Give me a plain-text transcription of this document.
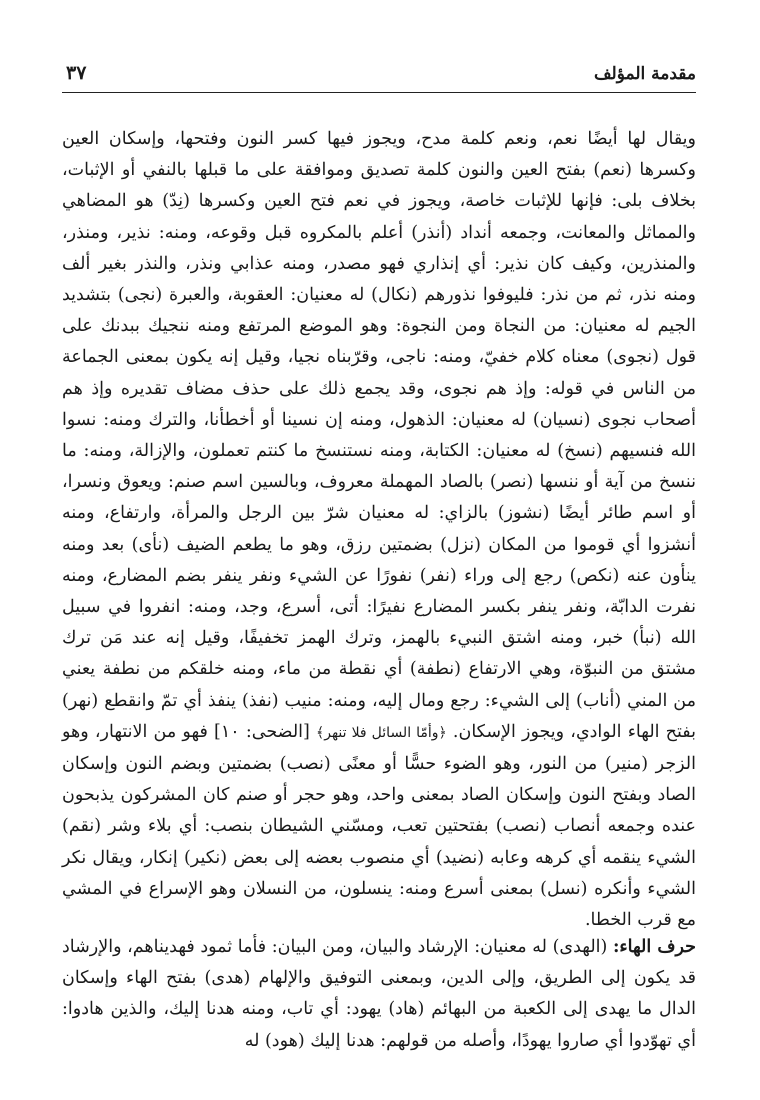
مقدمة المؤلف
٣٧

ويقال لها أيضًا نعم، ونعم كلمة مدح، ويجوز فيها كسر النون وفتحها، وإسكان العين وكسرها (نعم) بفتح العين والنون كلمة تصديق وموافقة على ما قبلها بالنفي أو الإثبات، بخلاف بلى: فإنها للإثبات خاصة، ويجوز في نعم فتح العين وكسرها (نِدّ) هو المضاهي والمماثل والمعانت، وجمعه أنداد (أنذر) أعلم بالمكروه قبل وقوعه، ومنه: نذير، ومنذر، والمنذرين، وكيف كان نذير: أي إنذاري فهو مصدر، ومنه عذابي ونذر، والنذر بغير ألف ومنه نذر، ثم من نذر: فليوفوا نذورهم (نكال) له معنيان: العقوبة، والعبرة (نجى) بتشديد الجيم له معنيان: من النجاة ومن النجوة: وهو الموضع المرتفع ومنه ننجيك ببدنك على قول (نجوى) معناه كلام خفيّ، ومنه: ناجى، وقرّبناه نجيا، وقيل إنه يكون بمعنى الجماعة من الناس في قوله: وإذ هم نجوى، وقد يجمع ذلك على حذف مضاف تقديره وإذ هم أصحاب نجوى (نسيان) له معنيان: الذهول، ومنه إن نسينا أو أخطأنا، والترك ومنه: نسوا الله فنسيهم (نسخ) له معنيان: الكتابة، ومنه نستنسخ ما كنتم تعملون، والإزالة، ومنه: ما ننسخ من آية أو ننسها (نصر) بالصاد المهملة معروف، وبالسين اسم صنم: ويعوق ونسرا، أو اسم طائر أيضًا (نشوز) بالزاي: له معنيان شرّ بين الرجل والمرأة، وارتفاع، ومنه أنشزوا أي قوموا من المكان (نزل) بضمتين رزق، وهو ما يطعم الضيف (نأى) بعد ومنه ينأون عنه (نكص) رجع إلى وراء (نفر) نفورًا عن الشيء ونفر ينفر بضم المضارع، ومنه نفرت الدابّة، ونفر ينفر بكسر المضارع نفيرًا: أتى، أسرع، وجد، ومنه: انفروا في سبيل الله (نبأ) خبر، ومنه اشتق النبيء بالهمز، وترك الهمز تخفيفًا، وقيل إنه عند مَن ترك مشتق من النبوّة، وهي الارتفاع (نطفة) أي نقطة من ماء، ومنه خلقكم من نطفة يعني من المني (أناب) إلى الشيء: رجع ومال إليه، ومنه: منيب (نفذ) ينفذ أي تمّ وانقطع (نهر) بفتح الهاء الوادي، ويجوز الإسكان. ﴿وأمّا السائل فلا تنهر﴾ [الضحى: ١٠] فهو من الانتهار، وهو الزجر (منير) من النور، وهو الضوء حسًّا أو معنًى (نصب) بضمتين وبضم النون وإسكان الصاد وبفتح النون وإسكان الصاد بمعنى واحد، وهو حجر أو صنم كان المشركون يذبحون عنده وجمعه أنصاب (نصب) بفتحتين تعب، ومسّني الشيطان بنصب: أي بلاء وشر (نقم) الشيء ينقمه أي كرهه وعابه (نضيد) أي منصوب بعضه إلى بعض (نكير) إنكار، ويقال نكر الشيء وأنكره (نسل) بمعنى أسرع ومنه: ينسلون، من النسلان وهو الإسراع في المشي مع قرب الخطا.

حرف الهاء: (الهدى) له معنيان: الإرشاد والبيان، ومن البيان: فأما ثمود فهديناهم، والإرشاد قد يكون إلى الطريق، وإلى الدين، وبمعنى التوفيق والإلهام (هدى) بفتح الهاء وإسكان الدال ما يهدى إلى الكعبة من البهائم (هاد) يهود: أي تاب، ومنه هدنا إليك، والذين هادوا: أي تهوّدوا أي صاروا يهودًا، وأصله من قولهم: هدنا إليك (هود) له
